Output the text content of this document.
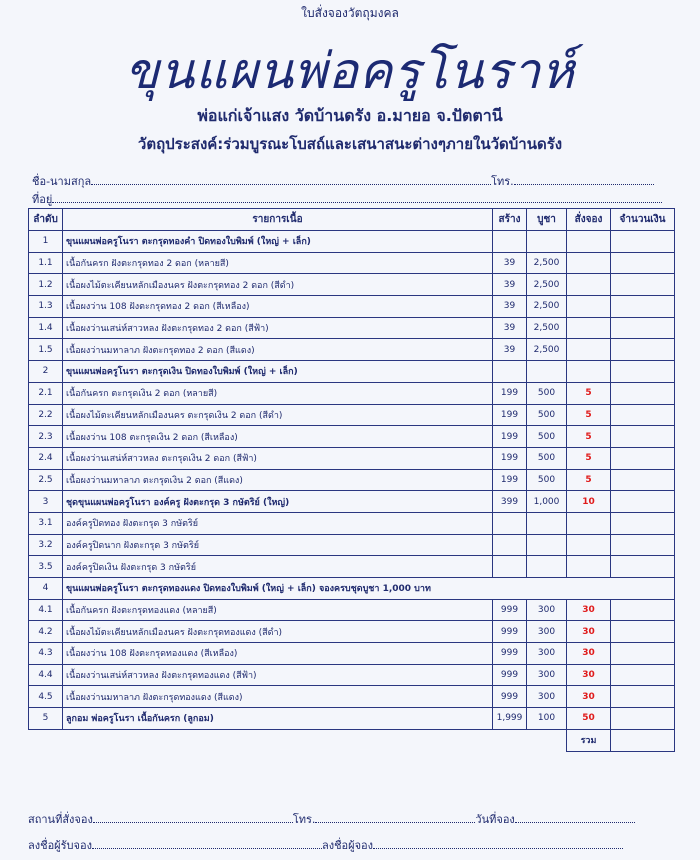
ใบสั่งจองวัตถุมงคล
ขุนแผนพ่อครูโนราห์
พ่อแก่เจ้าแสง วัดบ้านดรัง อ.มายอ จ.ปัตตานี
วัตถุประสงค์:ร่วมบูรณะโบสถ์และเสนาสนะต่างๆภายในวัดบ้านดรัง
ชื่อ-นามสกุล	โทร.
ที่อยู่
ลำดับ	รายการเนื้อ	สร้าง	บูชา	สั่งจอง	จำนวนเงิน
1	ขุนแผนพ่อครูโนรา ตะกรุดทองคำ ปิดทองใบพิมพ์ (ใหญ่ + เล็ก)				
1.1	เนื้อกันครก ฝังตะกรุดทอง 2 ดอก (หลายสี)	39	2,500		
1.2	เนื้อผงไม้ตะเคียนหลักเมืองนคร ฝังตะกรุดทอง 2 ดอก (สีดำ)	39	2,500		
1.3	เนื้อผงว่าน 108 ฝังตะกรุดทอง 2 ดอก (สีเหลือง)	39	2,500		
1.4	เนื้อผงว่านเสน่ห์สาวหลง ฝังตะกรุดทอง 2 ดอก (สีฟ้า)	39	2,500		
1.5	เนื้อผงว่านมหาลาภ ฝังตะกรุดทอง 2 ดอก (สีแดง)	39	2,500		
2	ขุนแผนพ่อครูโนรา ตะกรุดเงิน ปิดทองใบพิมพ์ (ใหญ่ + เล็ก)				
2.1	เนื้อกันครก ตะกรุดเงิน 2 ดอก (หลายสี)	199	500	5	
2.2	เนื้อผงไม้ตะเคียนหลักเมืองนคร ตะกรุดเงิน 2 ดอก (สีดำ)	199	500	5	
2.3	เนื้อผงว่าน 108 ตะกรุดเงิน 2 ดอก (สีเหลือง)	199	500	5	
2.4	เนื้อผงว่านเสน่ห์สาวหลง ตะกรุดเงิน 2 ดอก (สีฟ้า)	199	500	5	
2.5	เนื้อผงว่านมหาลาภ ตะกรุดเงิน 2 ดอก (สีแดง)	199	500	5	
3	ชุดขุนแผนพ่อครูโนรา องค์ครู ฝังตะกรุด 3 กษัตริย์ (ใหญ่)	399	1,000	10	
3.1	องค์ครูปิดทอง ฝังตะกรุด 3 กษัตริย์				
3.2	องค์ครูปิดนาก ฝังตะกรุด 3 กษัตริย์				
3.5	องค์ครูปิดเงิน ฝังตะกรุด 3 กษัตริย์				
4	ขุนแผนพ่อครูโนรา ตะกรุดทองแดง ปิดทองใบพิมพ์ (ใหญ่ + เล็ก) จองครบชุดบูชา 1,000 บาท				
4.1	เนื้อกันครก ฝังตะกรุดทองแดง (หลายสี)	999	300	30	
4.2	เนื้อผงไม้ตะเคียนหลักเมืองนคร ฝังตะกรุดทองแดง (สีดำ)	999	300	30	
4.3	เนื้อผงว่าน 108 ฝังตะกรุดทองแดง (สีเหลือง)	999	300	30	
4.4	เนื้อผงว่านเสน่ห์สาวหลง ฝังตะกรุดทองแดง (สีฟ้า)	999	300	30	
4.5	เนื้อผงว่านมหาลาภ ฝังตะกรุดทองแดง (สีแดง)	999	300	30	
5	ลูกอม พ่อครูโนรา เนื้อกันครก (ลูกอม)	1,999	100	50	
				รวม	
สถานที่สั่งจอง	โทร.	วันที่จอง
ลงชื่อผู้รับจอง	ลงชื่อผู้จอง
